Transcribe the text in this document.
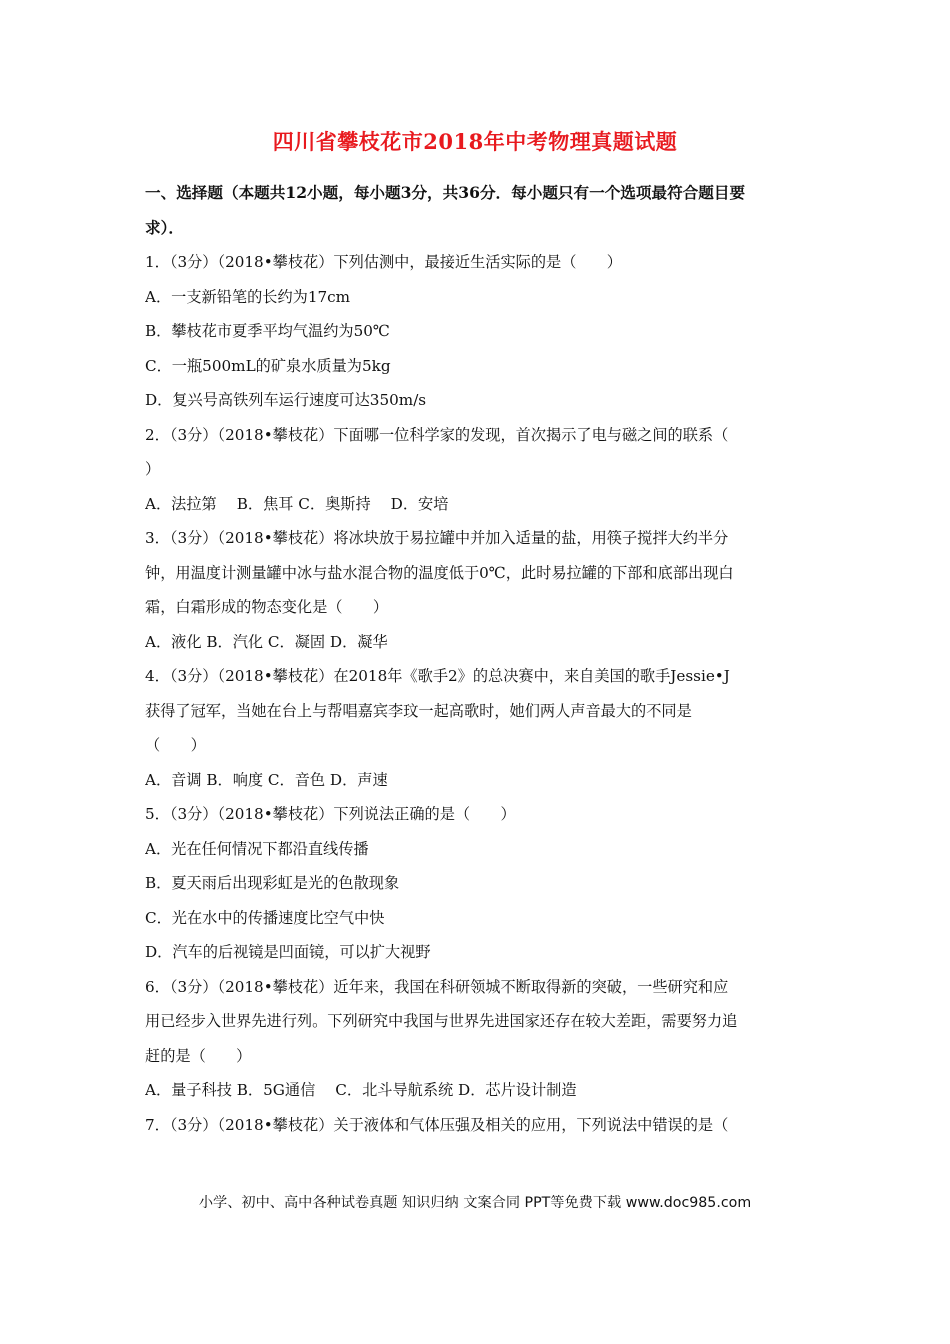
四川省攀枝花市2018年中考物理真题试题
一、选择题（本题共12小题，每小题3分，共36分．每小题只有一个选项最符合题目要
求）．
1．（3分）（2018•攀枝花）下列估测中，最接近生活实际的是（　　）
A．一支新铅笔的长约为17cm
B．攀枝花市夏季平均气温约为50℃
C．一瓶500mL的矿泉水质量为5kg
D．复兴号高铁列车运行速度可达350m/s
2．（3分）（2018•攀枝花）下面哪一位科学家的发现，首次揭示了电与磁之间的联系（
）
A．法拉第　 B．焦耳 C．奥斯持　 D．安培
3．（3分）（2018•攀枝花）将冰块放于易拉罐中并加入适量的盐，用筷子搅拌大约半分
钟，用温度计测量罐中冰与盐水混合物的温度低于0℃，此时易拉罐的下部和底部出现白
霜，白霜形成的物态变化是（　　）
A．液化 B．汽化 C．凝固 D．凝华
4．（3分）（2018•攀枝花）在2018年《歌手2》的总决赛中，来自美国的歌手Jessie•J
获得了冠军，当她在台上与帮唱嘉宾李玟一起高歌时，她们两人声音最大的不同是
（　　）
A．音调 B．响度 C．音色 D．声速
5．（3分）（2018•攀枝花）下列说法正确的是（　　）
A．光在任何情况下都沿直线传播
B．夏天雨后出现彩虹是光的色散现象
C．光在水中的传播速度比空气中快
D．汽车的后视镜是凹面镜，可以扩大视野
6．（3分）（2018•攀枝花）近年来，我国在科研领城不断取得新的突破，一些研究和应
用已经步入世界先进行列。下列研究中我国与世界先进国家还存在较大差距，需要努力追
赶的是（　　）
A．量子科技 B．5G通信　 C．北斗导航系统 D．芯片设计制造
7．（3分）（2018•攀枝花）关于液体和气体压强及相关的应用，下列说法中错误的是（
小学、初中、高中各种试卷真题 知识归纳 文案合同 PPT等免费下载 www.doc985.com
